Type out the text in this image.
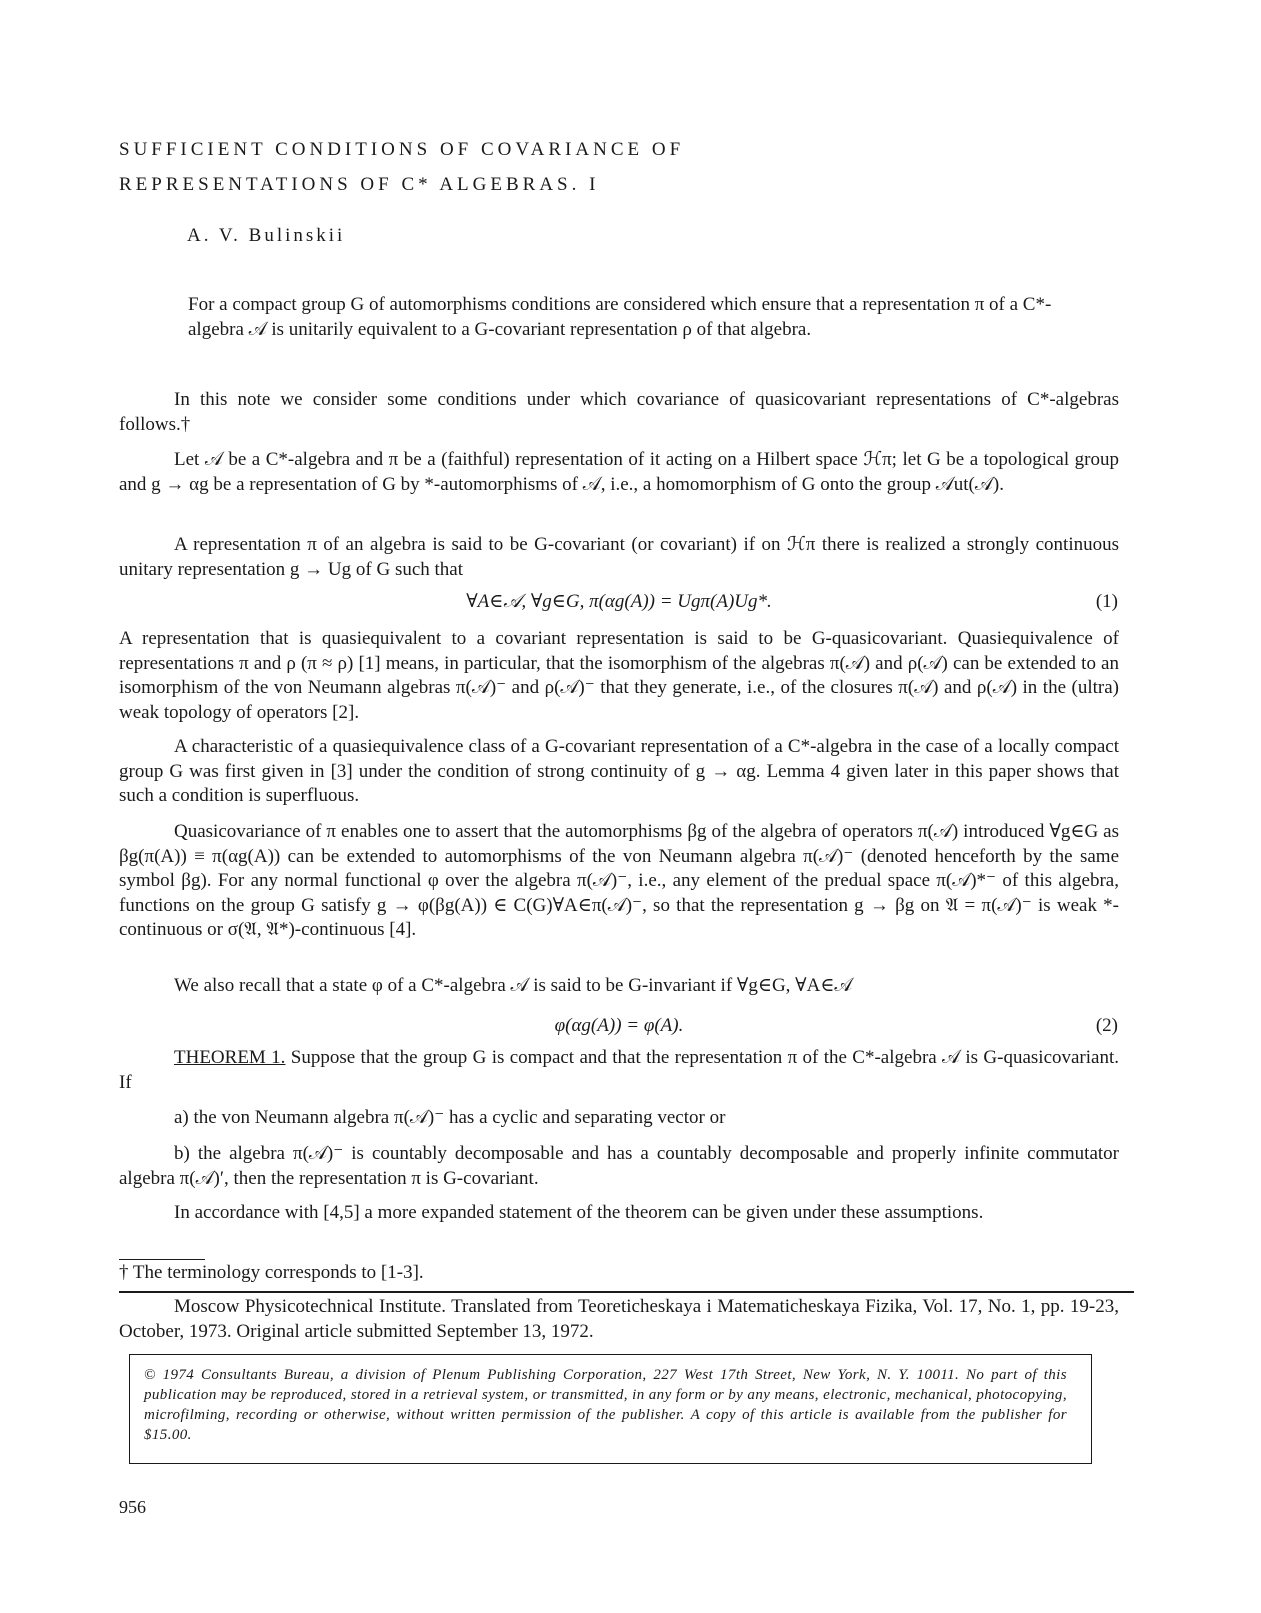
SUFFICIENT CONDITIONS OF COVARIANCE OF
REPRESENTATIONS OF C* ALGEBRAS. I
A. V. Bulinskii

For a compact group G of automorphisms conditions are considered which ensure that a representation π of a C*-algebra 𝒜 is unitarily equivalent to a G-covariant representation ρ of that algebra.

In this note we consider some conditions under which covariance of quasicovariant representations of C*-algebras follows.†

Let 𝒜 be a C*-algebra and π be a (faithful) representation of it acting on a Hilbert space ℋπ; let G be a topological group and g → αg be a representation of G by *-automorphisms of 𝒜, i.e., a homomorphism of G onto the group 𝒜ut(𝒜).

A representation π of an algebra is said to be G-covariant (or covariant) if on ℋπ there is realized a strongly continuous unitary representation g → Ug of G such that

∀A∈𝒜, ∀g∈G, π(αg(A)) = Ugπ(A)Ug*.	(1)

A representation that is quasiequivalent to a covariant representation is said to be G-quasicovariant. Quasiequivalence of representations π and ρ (π ≈ ρ) [1] means, in particular, that the isomorphism of the algebras π(𝒜) and ρ(𝒜) can be extended to an isomorphism of the von Neumann algebras π(𝒜)⁻ and ρ(𝒜)⁻ that they generate, i.e., of the closures π(𝒜) and ρ(𝒜) in the (ultra) weak topology of operators [2].

A characteristic of a quasiequivalence class of a G-covariant representation of a C*-algebra in the case of a locally compact group G was first given in [3] under the condition of strong continuity of g → αg. Lemma 4 given later in this paper shows that such a condition is superfluous.

Quasicovariance of π enables one to assert that the automorphisms βg of the algebra of operators π(𝒜) introduced ∀g∈G as βg(π(A)) ≡ π(αg(A)) can be extended to automorphisms of the von Neumann algebra π(𝒜)⁻ (denoted henceforth by the same symbol βg). For any normal functional φ over the algebra π(𝒜)⁻, i.e., any element of the predual space π(𝒜)*⁻ of this algebra, functions on the group G satisfy g → φ(βg(A)) ∈ C(G)∀A∈π(𝒜)⁻, so that the representation g → βg on 𝔄 = π(𝒜)⁻ is weak *-continuous or σ(𝔄, 𝔄*)-continuous [4].

We also recall that a state φ of a C*-algebra 𝒜 is said to be G-invariant if ∀g∈G, ∀A∈𝒜

φ(αg(A)) = φ(A).	(2)

THEOREM 1. Suppose that the group G is compact and that the representation π of the C*-algebra 𝒜 is G-quasicovariant. If

a) the von Neumann algebra π(𝒜)⁻ has a cyclic and separating vector or

b) the algebra π(𝒜)⁻ is countably decomposable and has a countably decomposable and properly infinite commutator algebra π(𝒜)′, then the representation π is G-covariant.

In accordance with [4,5] a more expanded statement of the theorem can be given under these assumptions.

† The terminology corresponds to [1-3].

Moscow Physicotechnical Institute. Translated from Teoreticheskaya i Matematicheskaya Fizika, Vol. 17, No. 1, pp. 19-23, October, 1973. Original article submitted September 13, 1972.

© 1974 Consultants Bureau, a division of Plenum Publishing Corporation, 227 West 17th Street, New York, N. Y. 10011. No part of this publication may be reproduced, stored in a retrieval system, or transmitted, in any form or by any means, electronic, mechanical, photocopying, microfilming, recording or otherwise, without written permission of the publisher. A copy of this article is available from the publisher for $15.00.
956
